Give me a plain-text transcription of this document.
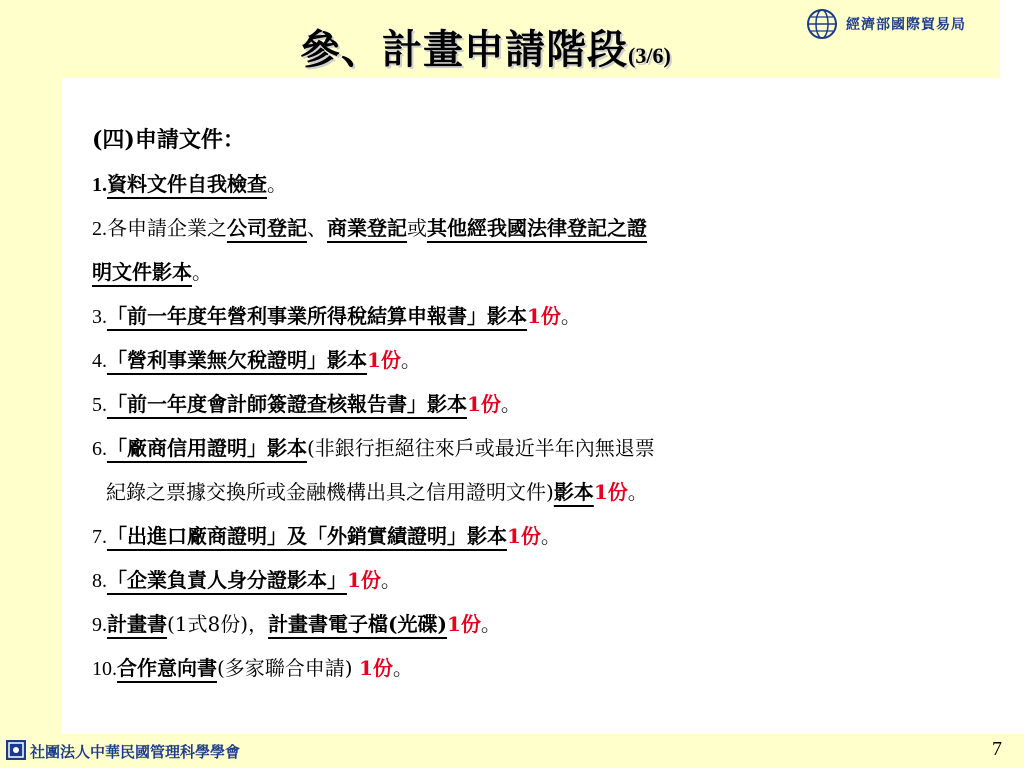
參、計畫申請階段(3/6)
經濟部國際貿易局
(四)申請文件：
1.資料文件自我檢查。
2.各申請企業之公司登記、商業登記或其他經我國法律登記之證
明文件影本。
3.「前一年度年營利事業所得稅結算申報書」影本1份。
4.「營利事業無欠稅證明」影本1份。
5.「前一年度會計師簽證查核報告書」影本1份。
6.「廠商信用證明」影本(非銀行拒絕往來戶或最近半年內無退票
紀錄之票據交換所或金融機構出具之信用證明文件)影本1份。
7.「出進口廠商證明」及「外銷實績證明」影本1份。
8.「企業負責人身分證影本」1份。
9.計畫書(1式8份)，計畫書電子檔(光碟)1份。
10.合作意向書(多家聯合申請) 1份。
社團法人中華民國管理科學學會	7
